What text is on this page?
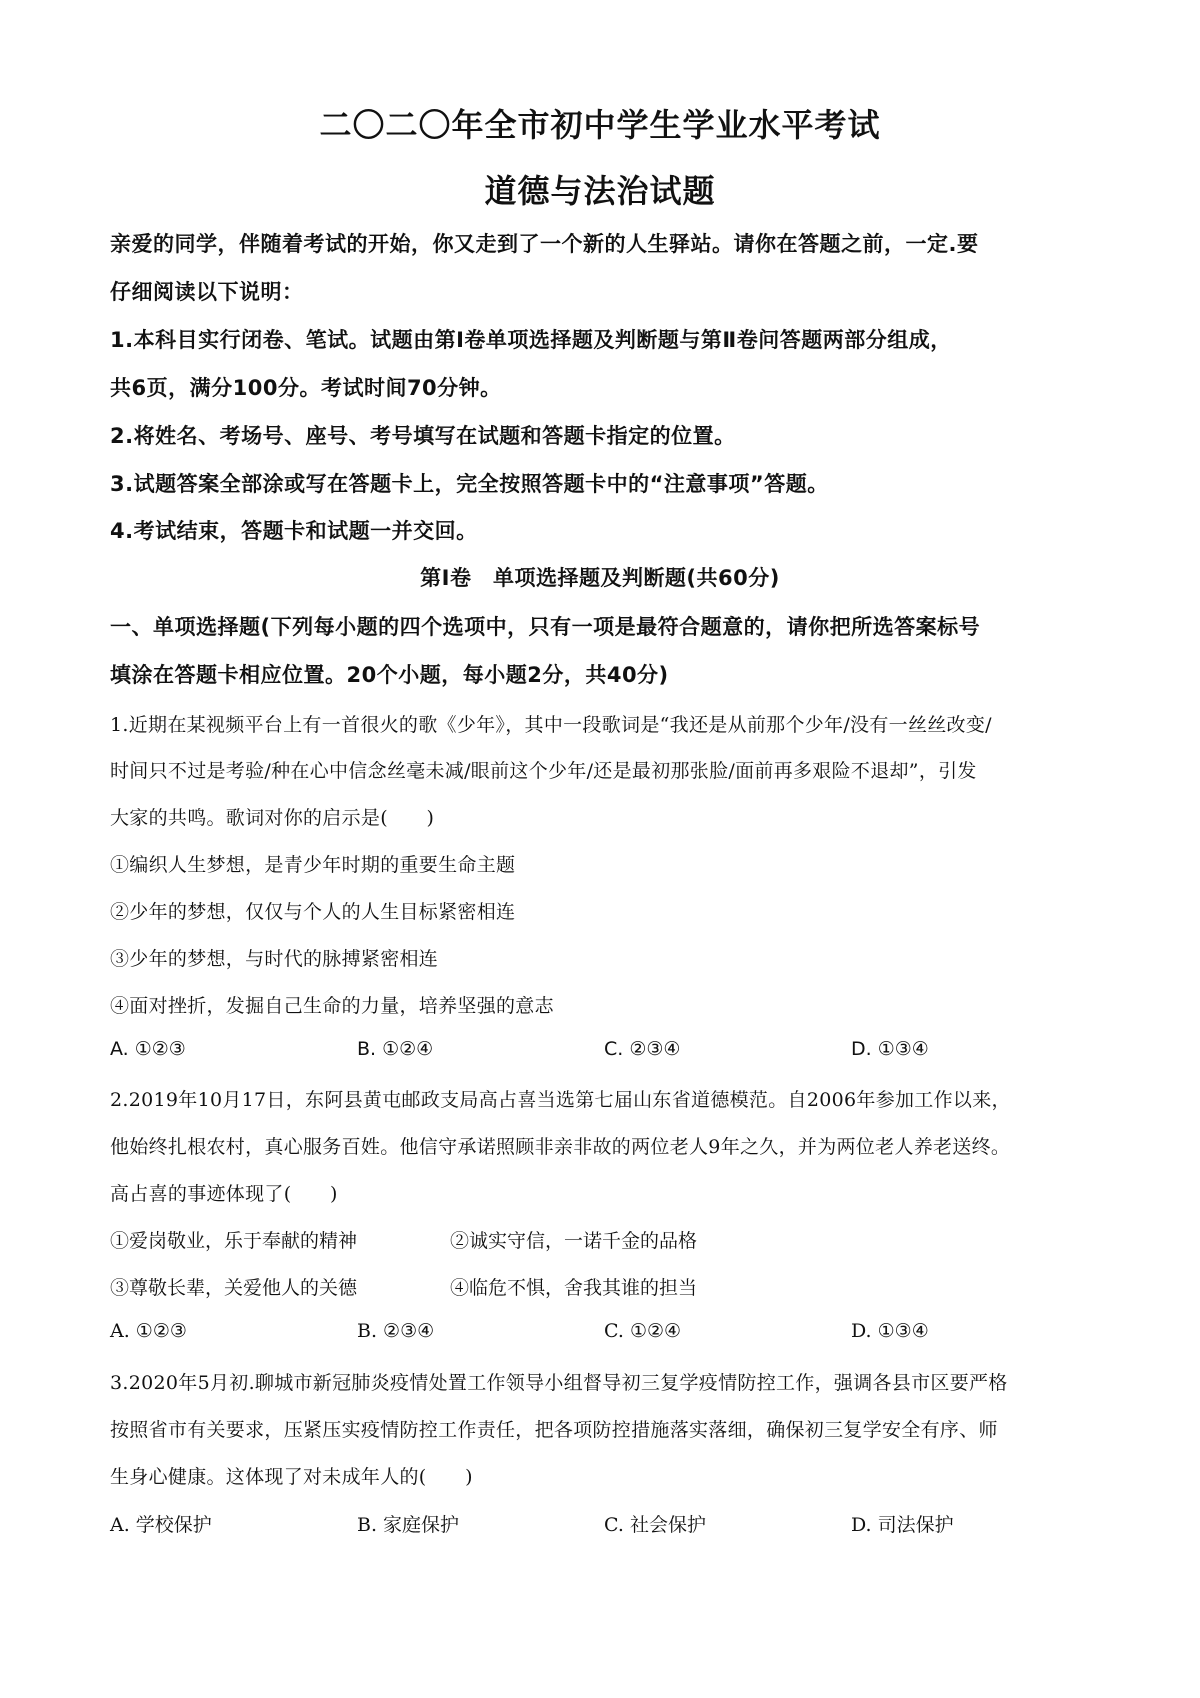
二〇二〇年全市初中学生学业水平考试
道德与法治试题
亲爱的同学，伴随着考试的开始，你又走到了一个新的人生驿站。请你在答题之前，一定.要
仔细阅读以下说明：
1.本科目实行闭卷、笔试。试题由第Ⅰ卷单项选择题及判断题与第Ⅱ卷问答题两部分组成，
共6页，满分100分。考试时间70分钟。
2.将姓名、考场号、座号、考号填写在试题和答题卡指定的位置。
3.试题答案全部涂或写在答题卡上，完全按照答题卡中的“注意事项”答题。
4.考试结束，答题卡和试题一并交回。
第Ⅰ卷　单项选择题及判断题(共60分)
一、单项选择题(下列每小题的四个选项中，只有一项是最符合题意的，请你把所选答案标号
填涂在答题卡相应位置。20个小题，每小题2分，共40分)
1.近期在某视频平台上有一首很火的歌《少年》，其中一段歌词是“我还是从前那个少年/没有一丝丝改变/
时间只不过是考验/种在心中信念丝毫未减/眼前这个少年/还是最初那张脸/面前再多艰险不退却”，引发
大家的共鸣。歌词对你的启示是(　　)
①编织人生梦想，是青少年时期的重要生命主题
②少年的梦想，仅仅与个人的人生目标紧密相连
③少年的梦想，与时代的脉搏紧密相连
④面对挫折，发掘自己生命的力量，培养坚强的意志
A. ①②③	B. ①②④	C. ②③④	D. ①③④
2.2019年10月17日，东阿县黄屯邮政支局高占喜当选第七届山东省道德模范。自2006年参加工作以来，
他始终扎根农村，真心服务百姓。他信守承诺照顾非亲非故的两位老人9年之久，并为两位老人养老送终。
高占喜的事迹体现了(　　)
①爱岗敬业，乐于奉献的精神	②诚实守信，一诺千金的品格
③尊敬长辈，关爱他人的关德	④临危不惧，舍我其谁的担当
A. ①②③	B. ②③④	C. ①②④	D. ①③④
3.2020年5月初.聊城市新冠肺炎疫情处置工作领导小组督导初三复学疫情防控工作，强调各县市区要严格
按照省市有关要求，压紧压实疫情防控工作责任，把各项防控措施落实落细，确保初三复学安全有序、师
生身心健康。这体现了对未成年人的(　　)
A. 学校保护	B. 家庭保护	C. 社会保护	D. 司法保护
